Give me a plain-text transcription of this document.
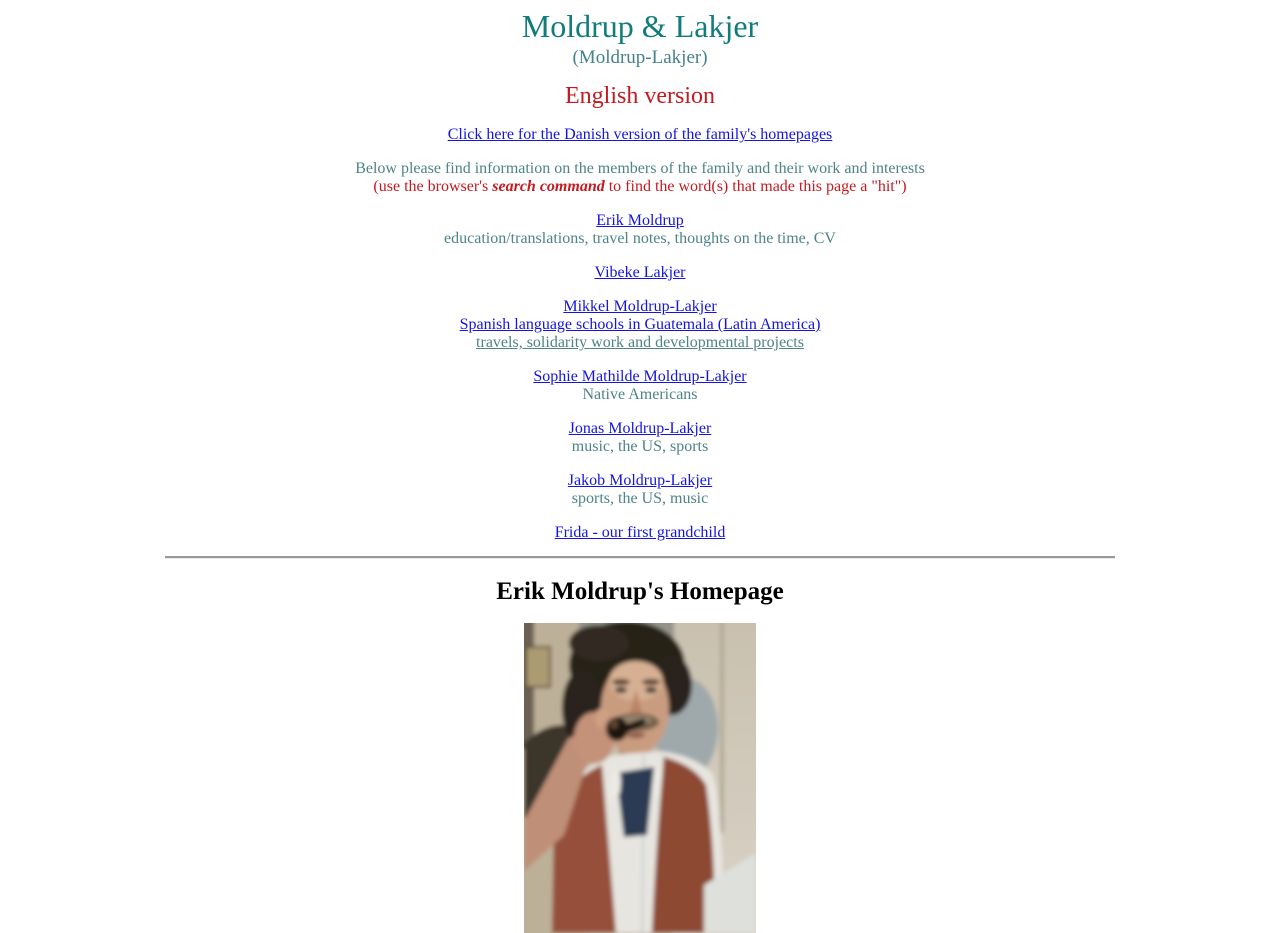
Moldrup & Lakjer
(Moldrup-Lakjer)
English version

Click here for the Danish version of the family's homepages

Below please find information on the members of the family and their work and interests
(use the browser's search command to find the word(s) that made this page a "hit")

Erik Moldrup
education/translations, travel notes, thoughts on the time, CV

Vibeke Lakjer

Mikkel Moldrup-Lakjer
Spanish language schools in Guatemala (Latin America)
travels, solidarity work and developmental projects

Sophie Mathilde Moldrup-Lakjer
Native Americans

Jonas Moldrup-Lakjer
music, the US, sports

Jakob Moldrup-Lakjer
sports, the US, music

Frida - our first grandchild

Erik Moldrup's Homepage
